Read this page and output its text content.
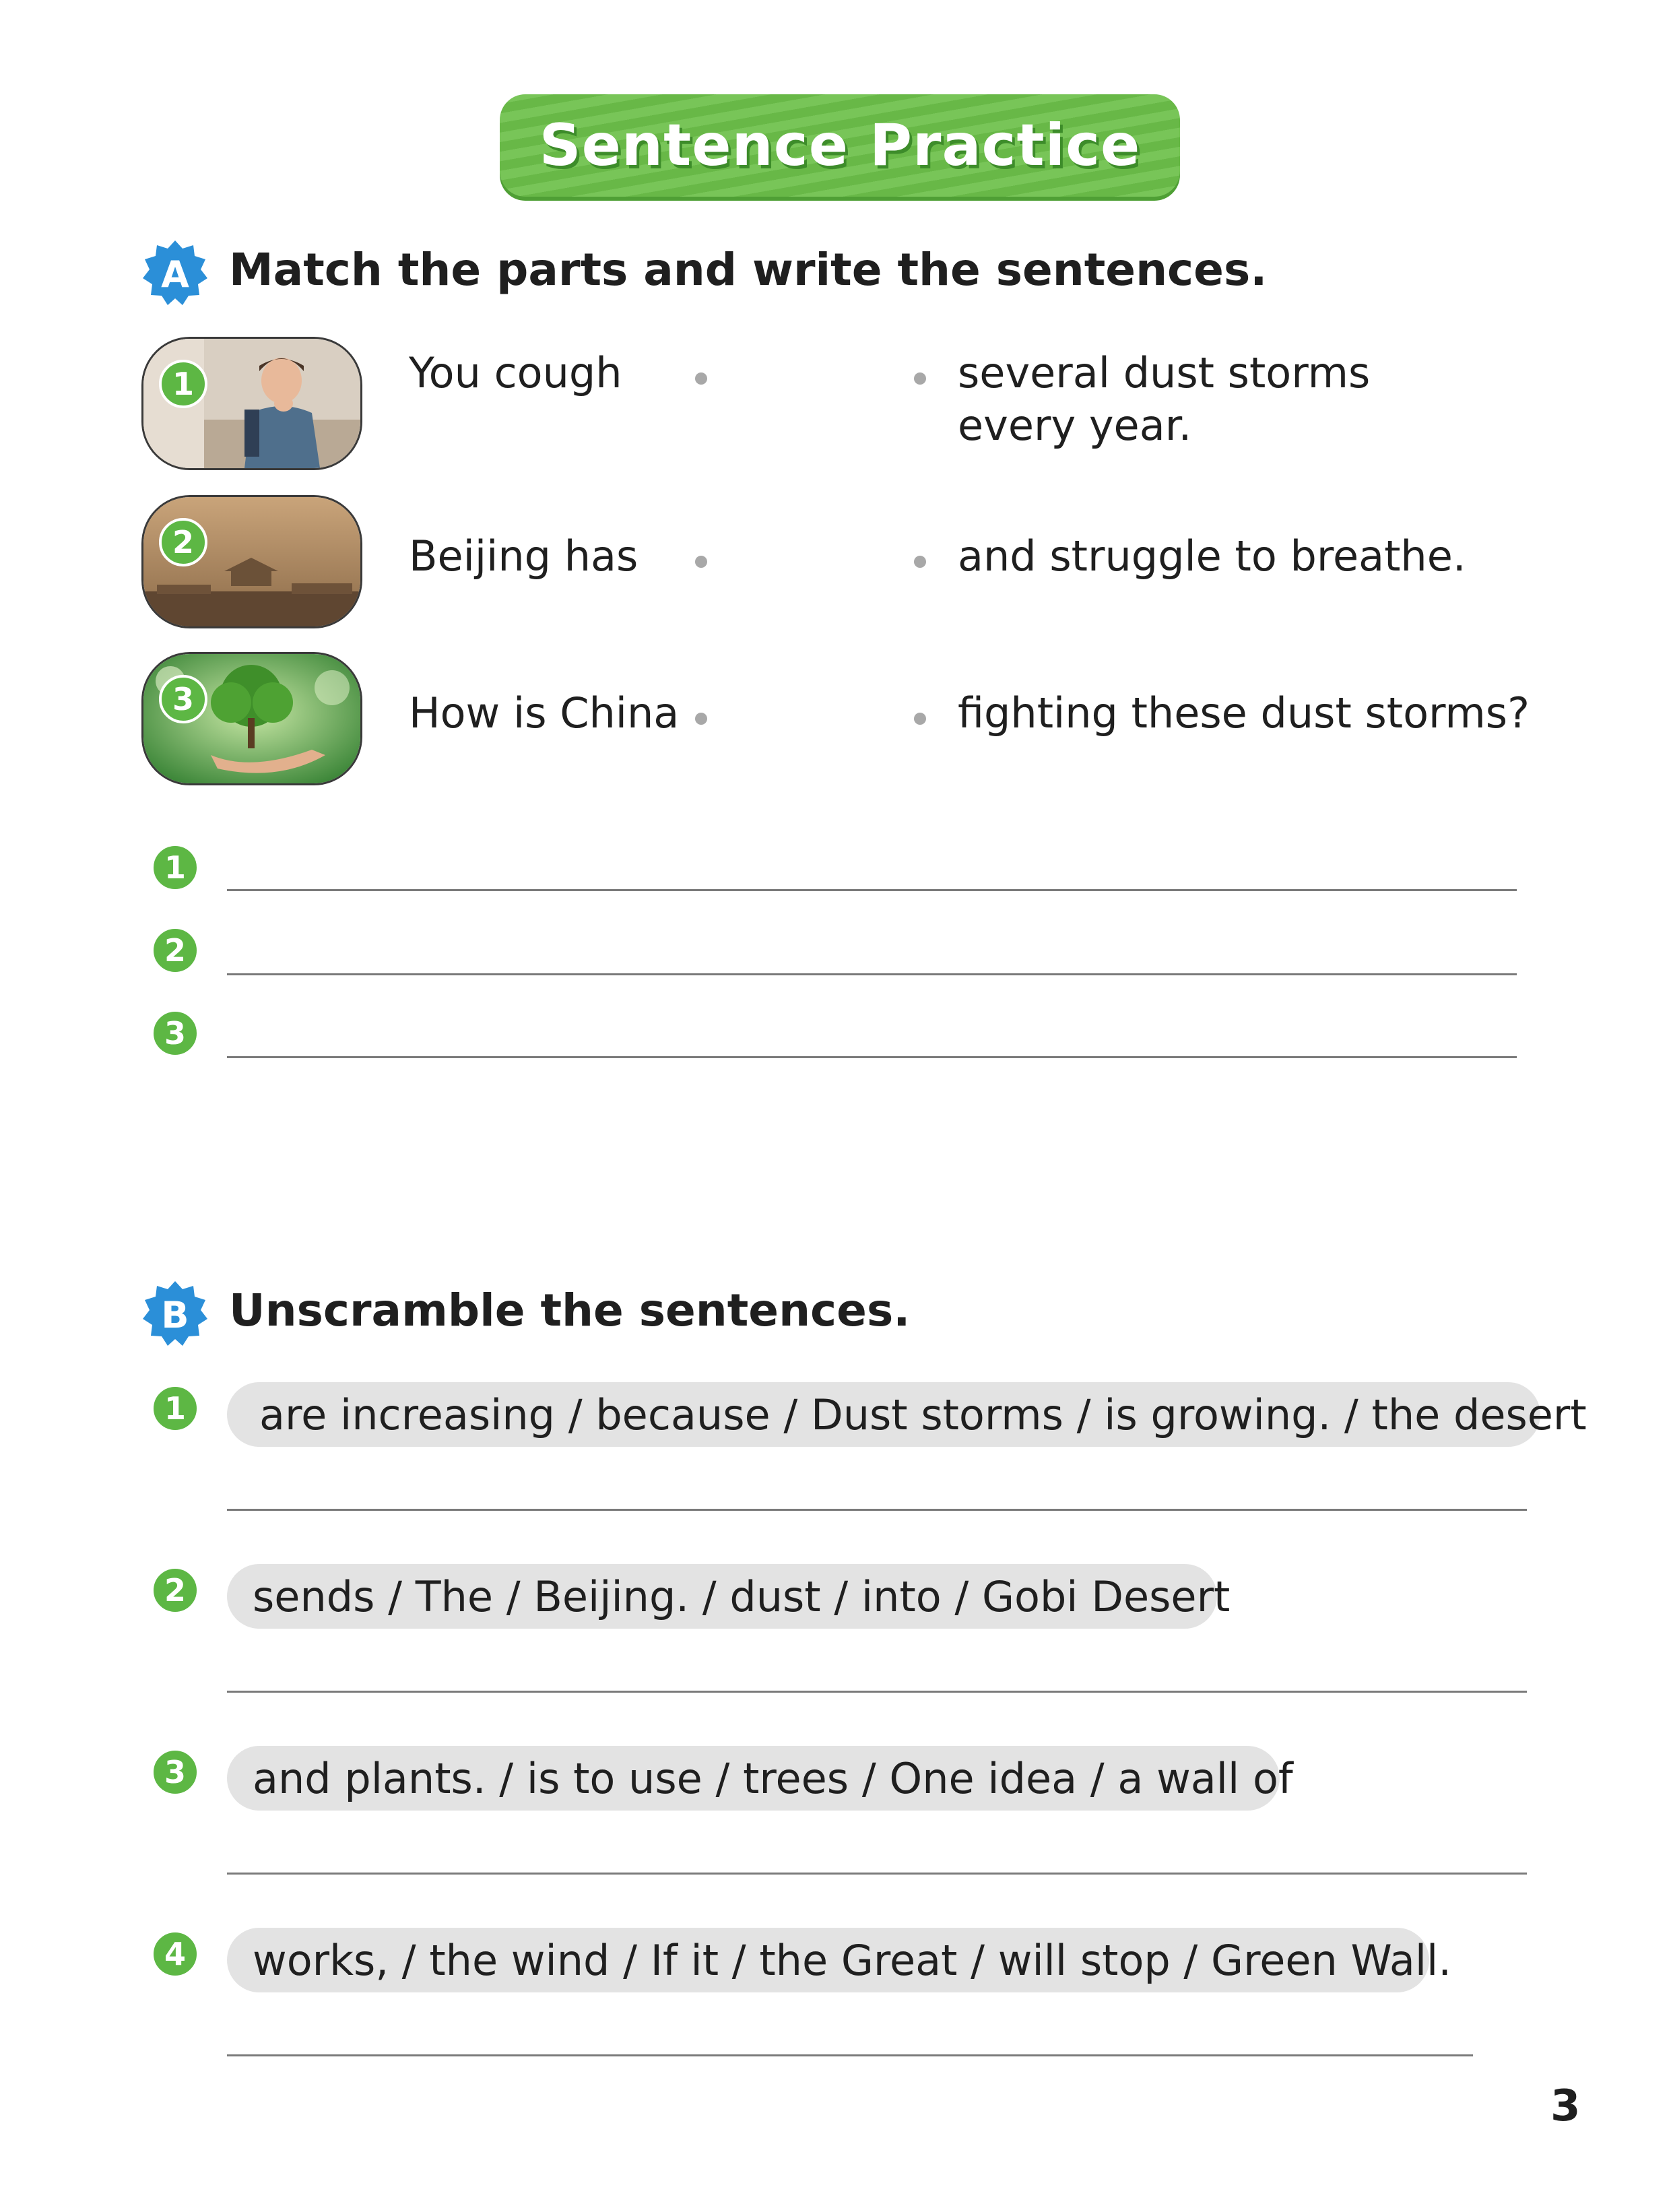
Sentence Practice
A Match the parts and write the sentences.
1	You cough	several dust storms every year.
2	Beijing has	and struggle to breathe.
3	How is China	fighting these dust storms?
1
2
3
B Unscramble the sentences.
1	are increasing / because / Dust storms / is growing. / the desert
2	sends / The / Beijing. / dust / into / Gobi Desert
3	and plants. / is to use / trees / One idea / a wall of
4	works, / the wind / If it / the Great / will stop / Green Wall.
3
